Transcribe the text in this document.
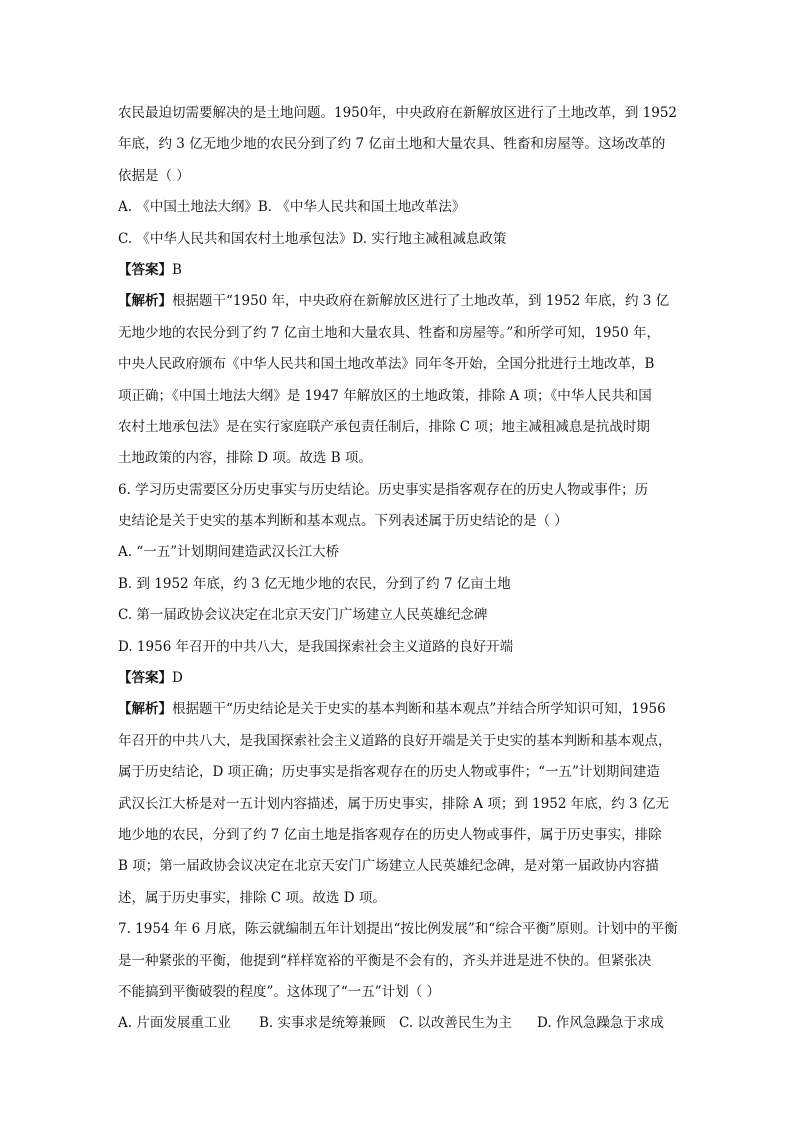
农民最迫切需要解决的是土地问题。1950年，中央政府在新解放区进行了土地改革，到 1952
年底，约 3 亿无地少地的农民分到了约 7 亿亩土地和大量农具、牲畜和房屋等。这场改革的
依据是（ ）
A. 《中国土地法大纲》B. 《中华人民共和国土地改革法》
C. 《中华人民共和国农村土地承包法》D. 实行地主减租减息政策
【答案】B
【解析】根据题干“1950 年，中央政府在新解放区进行了土地改革，到 1952 年底，约 3 亿
无地少地的农民分到了约 7 亿亩土地和大量农具、牲畜和房屋等。”和所学可知，1950 年，
中央人民政府颁布《中华人民共和国土地改革法》同年冬开始，全国分批进行土地改革，B
项正确；《中国土地法大纲》是 1947 年解放区的土地政策，排除 A 项；《中华人民共和国
农村土地承包法》是在实行家庭联产承包责任制后，排除 C 项；地主减租减息是抗战时期
土地政策的内容，排除 D 项。故选 B 项。
6. 学习历史需要区分历史事实与历史结论。历史事实是指客观存在的历史人物或事件；历
史结论是关于史实的基本判断和基本观点。下列表述属于历史结论的是（ ）
A. “一五”计划期间建造武汉长江大桥
B. 到 1952 年底，约 3 亿无地少地的农民，分到了约 7 亿亩土地
C. 第一届政协会议决定在北京天安门广场建立人民英雄纪念碑
D. 1956 年召开的中共八大，是我国探索社会主义道路的良好开端
【答案】D
【解析】根据题干“历史结论是关于史实的基本判断和基本观点”并结合所学知识可知，1956
年召开的中共八大，是我国探索社会主义道路的良好开端是关于史实的基本判断和基本观点，
属于历史结论，D 项正确；历史事实是指客观存在的历史人物或事件；“一五”计划期间建造
武汉长江大桥是对一五计划内容描述，属于历史事实，排除 A 项；到 1952 年底，约 3 亿无
地少地的农民，分到了约 7 亿亩土地是指客观存在的历史人物或事件，属于历史事实，排除
B 项；第一届政协会议决定在北京天安门广场建立人民英雄纪念碑，是对第一届政协内容描
述，属于历史事实，排除 C 项。故选 D 项。
7. 1954 年 6 月底，陈云就编制五年计划提出“按比例发展”和“综合平衡”原则。计划中的平衡
是一种紧张的平衡，他提到“样样宽裕的平衡是不会有的，齐头并进是进不快的。但紧张决
不能搞到平衡破裂的程度”。这体现了“一五”计划（ ）
A. 片面发展重工业	B. 实事求是统筹兼顾 C. 以改善民生为主	D. 作风急躁急于求成
